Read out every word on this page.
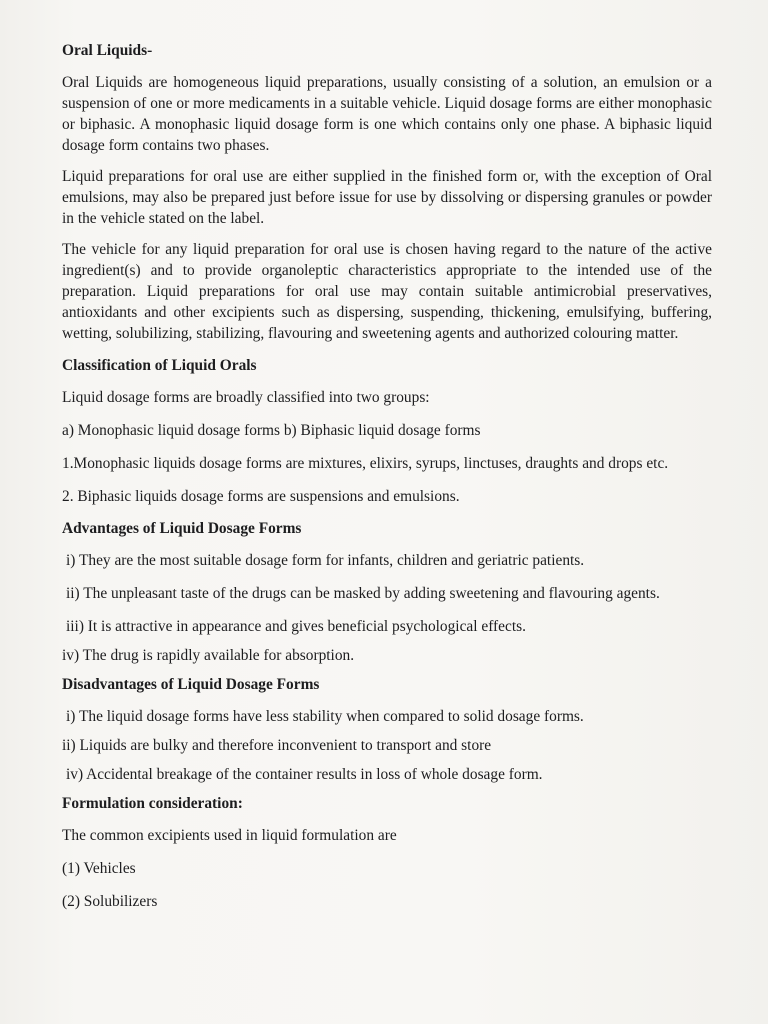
Oral Liquids-

Oral Liquids are homogeneous liquid preparations, usually consisting of a solution, an emulsion or a suspension of one or more medicaments in a suitable vehicle. Liquid dosage forms are either monophasic or biphasic. A monophasic liquid dosage form is one which contains only one phase. A biphasic liquid dosage form contains two phases.

Liquid preparations for oral use are either supplied in the finished form or, with the exception of Oral emulsions, may also be prepared just before issue for use by dissolving or dispersing granules or powder in the vehicle stated on the label.

The vehicle for any liquid preparation for oral use is chosen having regard to the nature of the active ingredient(s) and to provide organoleptic characteristics appropriate to the intended use of the preparation. Liquid preparations for oral use may contain suitable antimicrobial preservatives, antioxidants and other excipients such as dispersing, suspending, thickening, emulsifying, buffering, wetting, solubilizing, stabilizing, flavouring and sweetening agents and authorized colouring matter.

Classification of Liquid Orals

Liquid dosage forms are broadly classified into two groups:

a) Monophasic liquid dosage forms b) Biphasic liquid dosage forms

1.Monophasic liquids dosage forms are mixtures, elixirs, syrups, linctuses, draughts and drops etc.

2. Biphasic liquids dosage forms are suspensions and emulsions.

Advantages of Liquid Dosage Forms

i) They are the most suitable dosage form for infants, children and geriatric patients.

ii) The unpleasant taste of the drugs can be masked by adding sweetening and flavouring agents.

iii) It is attractive in appearance and gives beneficial psychological effects.

iv) The drug is rapidly available for absorption.

Disadvantages of Liquid Dosage Forms

i) The liquid dosage forms have less stability when compared to solid dosage forms.

ii) Liquids are bulky and therefore inconvenient to transport and store

iv) Accidental breakage of the container results in loss of whole dosage form.

Formulation consideration:

The common excipients used in liquid formulation are

(1) Vehicles

(2) Solubilizers
